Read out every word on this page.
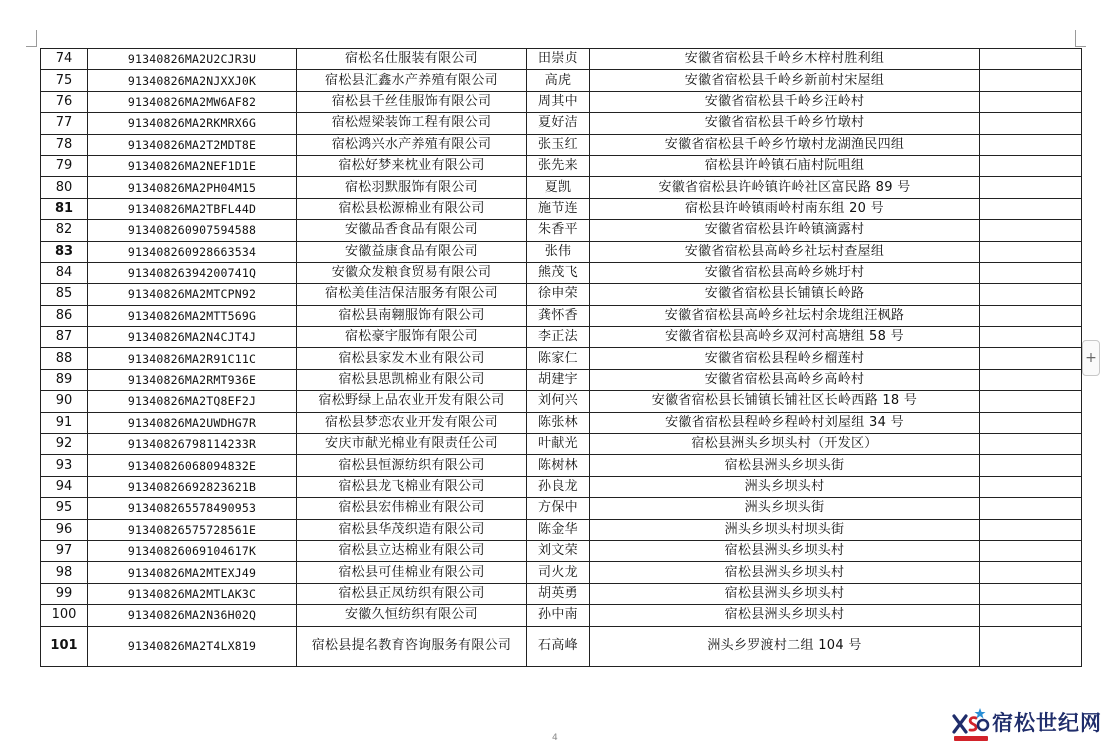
74	91340826MA2U2CJR3U	宿松名仕服装有限公司	田崇贞	安徽省宿松县千岭乡木梓村胜利组	
75	91340826MA2NJXXJ0K	宿松县汇鑫水产养殖有限公司	高虎	安徽省宿松县千岭乡新前村宋屋组	
76	91340826MA2MW6AF82	宿松县千丝佳服饰有限公司	周其中	安徽省宿松县千岭乡汪岭村	
77	91340826MA2RKMRX6G	宿松煜梁装饰工程有限公司	夏好洁	安徽省宿松县千岭乡竹墩村	
78	91340826MA2T2MDT8E	宿松鸿兴水产养殖有限公司	张玉红	安徽省宿松县千岭乡竹墩村龙湖渔民四组	
79	91340826MA2NEF1D1E	宿松好梦来枕业有限公司	张先来	宿松县许岭镇石庙村阮咀组	
80	91340826MA2PH04M15	宿松羽默服饰有限公司	夏凯	安徽省宿松县许岭镇许岭社区富民路 89 号	
81	91340826MA2TBFL44D	宿松县松源棉业有限公司	施节连	宿松县许岭镇雨岭村南东组 20 号	
82	91340826090759458​8	安徽品香食品有限公司	朱香平	安徽省宿松县许岭镇滴露村	
83	913408260928663534	安徽益康食品有限公司	张伟	安徽省宿松县高岭乡社坛村查屋组	
84	91340826394200741Q	安徽众发粮食贸易有限公司	熊茂飞	安徽省宿松县高岭乡姚圩村	
85	91340826MA2MTCPN92	宿松美佳洁保洁服务有限公司	徐申荣	安徽省宿松县长铺镇长岭路	
86	91340826MA2MTT569G	宿松县南翱服饰有限公司	龚怀香	安徽省宿松县高岭乡社坛村余垅组汪枫路	
87	91340826MA2N4CJT4J	宿松豪宇服饰有限公司	李正法	安徽省宿松县高岭乡双河村高塘组 58 号	
88	91340826MA2R91C11C	宿松县家发木业有限公司	陈家仁	安徽省宿松县程岭乡榴莲村	
89	91340826MA2RMT936E	宿松县思凯棉业有限公司	胡建宇	安徽省宿松县高岭乡高岭村	
90	91340826MA2TQ8EF2J	宿松野绿上品农业开发有限公司	刘何兴	安徽省宿松县长铺镇长铺社区长岭西路 18 号	
91	91340826MA2UWDHG7R	宿松县梦恋农业开发有限公司	陈张林	安徽省宿松县程岭乡程岭村刘屋组 34 号	
92	91340826798114233R	安庆市献光棉业有限责任公司	叶献光	宿松县洲头乡坝头村（开发区）	
93	91340826068094832E	宿松县恒源纺织有限公司	陈树林	宿松县洲头乡坝头街	
94	91340826692823621B	宿松县龙飞棉业有限公司	孙良龙	洲头乡坝头村	
95	913408265578490953	宿松县宏伟棉业有限公司	方保中	洲头乡坝头街	
96	91340826575728561E	宿松县华茂织造有限公司	陈金华	洲头乡坝头村坝头街	
97	91340826069104617K	宿松县立达棉业有限公司	刘文荣	宿松县洲头乡坝头村	
98	91340826MA2MTEXJ49	宿松县可佳棉业有限公司	司火龙	宿松县洲头乡坝头村	
99	91340826MA2MTLAK3C	宿松县正凤纺织有限公司	胡英勇	宿松县洲头乡坝头村	
100	91340826MA2N36H02Q	安徽久恒纺织有限公司	孙中南	宿松县洲头乡坝头村	
101	91340826MA2T4LX819	宿松县提名教育咨询服务有限公司	石高峰	洲头乡罗渡村二组 104 号	
+
4
宿松世纪网
